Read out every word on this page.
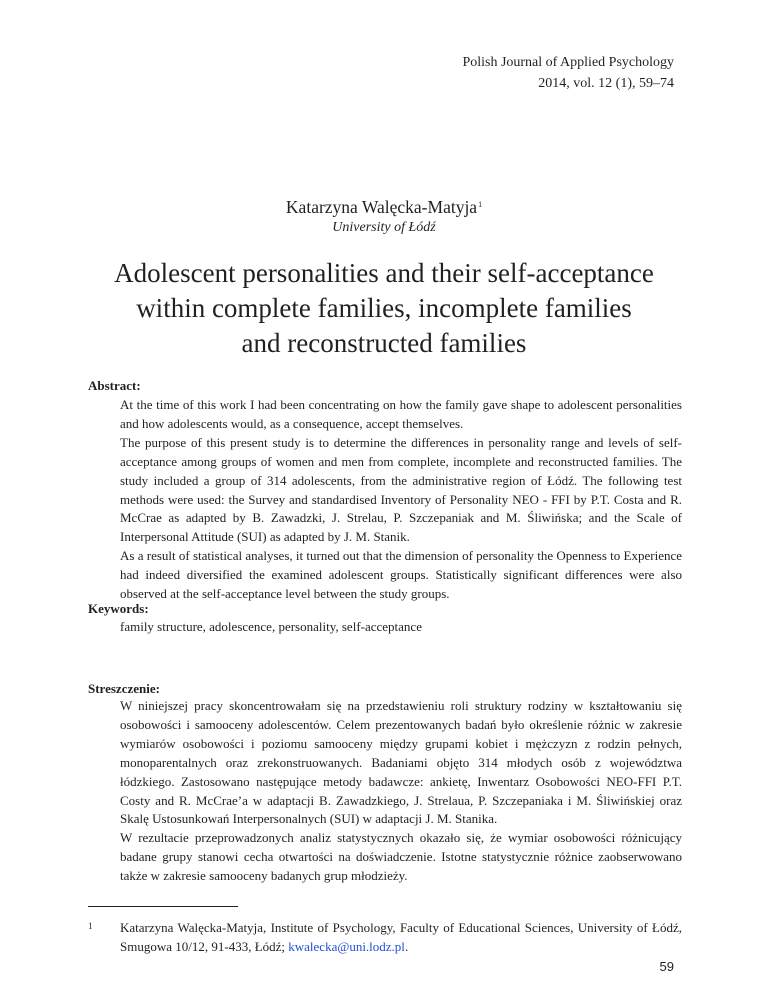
Polish Journal of Applied Psychology
2014, vol. 12 (1), 59–74
Katarzyna Walęcka-Matyja$^1$
University of Łódź
Adolescent personalities and their self-acceptance
within complete families, incomplete families
and reconstructed families
Abstract:

At the time of this work I had been concentrating on how the family gave shape to adolescent personalities and how adolescents would, as a consequence, accept themselves.

The purpose of this present study is to determine the differences in personality range and levels of self-acceptance among groups of women and men from complete, incomplete and reconstructed families. The study included a group of 314 adolescents, from the administrative region of Łódź. The following test methods were used: the Survey and standardised Inventory of Personality NEO - FFI by P.T. Costa and R. McCrae as adapted by B. Zawadzki, J. Strelau, P. Szczepaniak and M. Śliwińska; and the Scale of Interpersonal Attitude (SUI) as adapted by J. M. Stanik.

As a result of statistical analyses, it turned out that the dimension of personality the Openness to Experience had indeed diversified the examined adolescent groups. Statistically significant differences were also observed at the self-acceptance level between the study groups.

Keywords:
family structure, adolescence, personality, self-acceptance
Streszczenie:

W niniejszej pracy skoncentrowałam się na przedstawieniu roli struktury rodziny w kształtowaniu się osobowości i samooceny adolescentów. Celem prezentowanych badań było określenie różnic w zakresie wymiarów osobowości i poziomu samooceny między grupami kobiet i mężczyzn z rodzin pełnych, monoparentalnych oraz zrekonstruowanych. Badaniami objęto 314 młodych osób z województwa łódzkiego. Zastosowano następujące metody badawcze: ankietę, Inwentarz Osobowości NEO-FFI P.T. Costy and R. McCrae’a w adaptacji B. Zawadzkiego, J. Strelaua, P. Szczepaniaka i M. Śliwińskiej oraz Skalę Ustosunkowań Interpersonalnych (SUI) w adaptacji J. M. Stanika.

W rezultacie przeprowadzonych analiz statystycznych okazało się, że wymiar osobowości różnicujący badane grupy stanowi cecha otwartości na doświadczenie. Istotne statystycznie różnice zaobserwowano także w zakresie samooceny badanych grup młodzieży.

1 Katarzyna Walęcka-Matyja, Institute of Psychology, Faculty of Educational Sciences, University of Łódź, Smugowa 10/12, 91-433, Łódź; kwalecka@uni.lodz.pl.
59
